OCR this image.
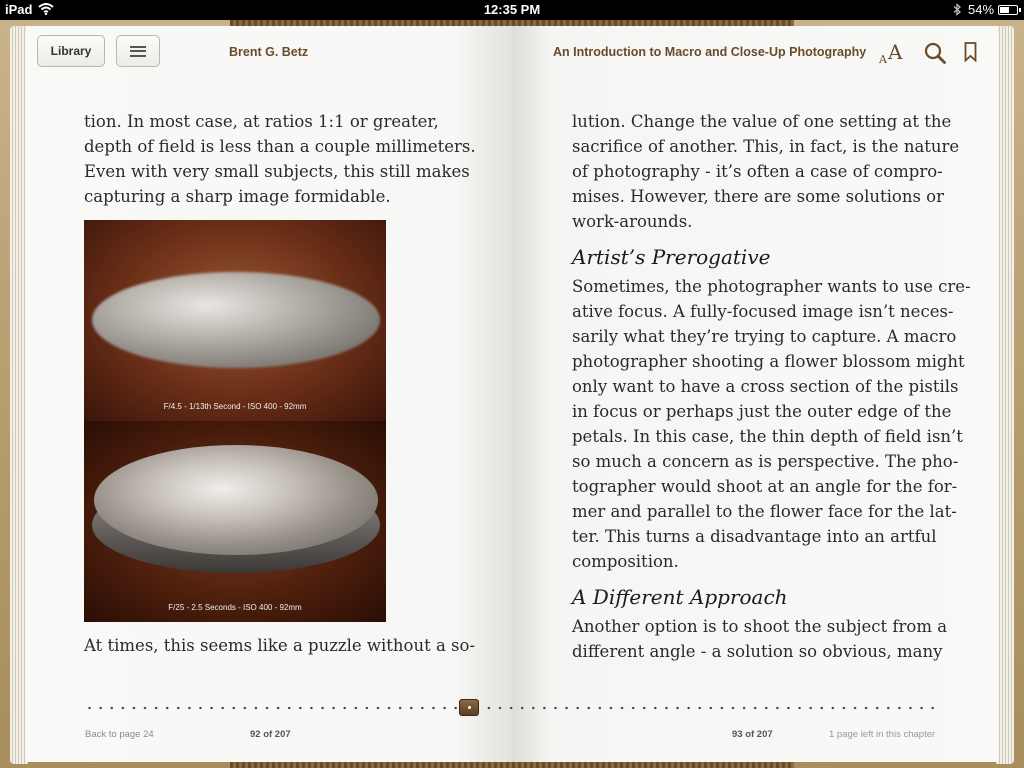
iPad	12:35 PM	54%
Library	Brent G. Betz

tion. In most case, at ratios 1:1 or greater,

depth of field is less than a couple millimeters.

Even with very small subjects, this still makes

capturing a sharp image formidable.

F/4.5 - 1/13th Second - ISO 400 - 92mm
F/25 - 2.5 Seconds - ISO 400 - 92mm

At times, this seems like a puzzle without a so-

Back to page 24	92 of 207
An Introduction to Macro and Close-Up Photography
A A

lution. Change the value of one setting at the

sacrifice of another. This, in fact, is the nature

of photography - it’s often a case of compro-

mises. However, there are some solutions or

work-arounds.

Artist’s Prerogative

Sometimes, the photographer wants to use cre-

ative focus. A fully-focused image isn’t neces-

sarily what they’re trying to capture. A macro

photographer shooting a flower blossom might

only want to have a cross section of the pistils

in focus or perhaps just the outer edge of the

petals. In this case, the thin depth of field isn’t

so much a concern as is perspective. The pho-

tographer would shoot at an angle for the for-

mer and parallel to the flower face for the lat-

ter. This turns a disadvantage into an artful

composition.

A Different Approach

Another option is to shoot the subject from a

different angle - a solution so obvious, many

93 of 207	1 page left in this chapter
